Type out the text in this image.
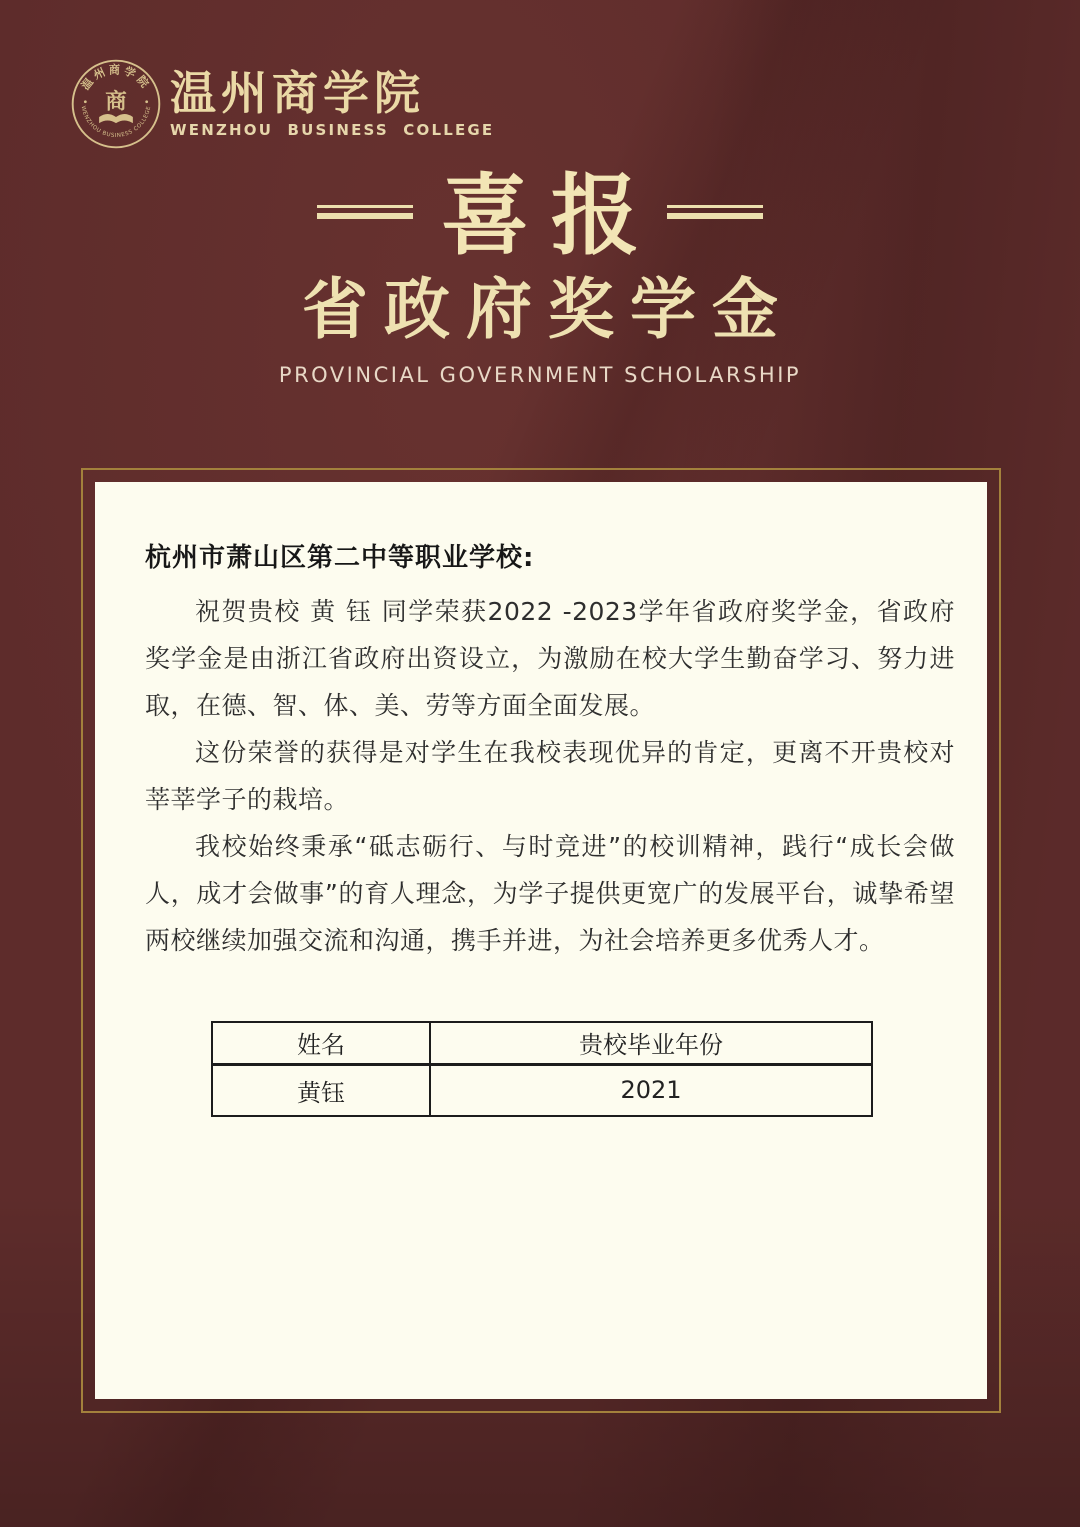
温州商学院
WENZHOU BUSINESS COLLEGE
商 温州商学院
WENZHOU BUSINESS COLLEGE
喜报
省政府奖学金
PROVINCIAL GOVERNMENT SCHOLARSHIP

杭州市萧山区第二中等职业学校:

祝贺贵校 黄 钰 同学荣获2022 -2023学年省政府奖学金，省政府奖学金是由浙江省政府出资设立，为激励在校大学生勤奋学习、努力进取，在德、智、体、美、劳等方面全面发展。

这份荣誉的获得是对学生在我校表现优异的肯定，更离不开贵校对莘莘学子的栽培。

我校始终秉承“砥志砺行、与时竞进”的校训精神，践行“成长会做人，成才会做事”的育人理念，为学子提供更宽广的发展平台，诚挚希望两校继续加强交流和沟通，携手并进，为社会培养更多优秀人才。

姓名	贵校毕业年份
黄钰	2021
